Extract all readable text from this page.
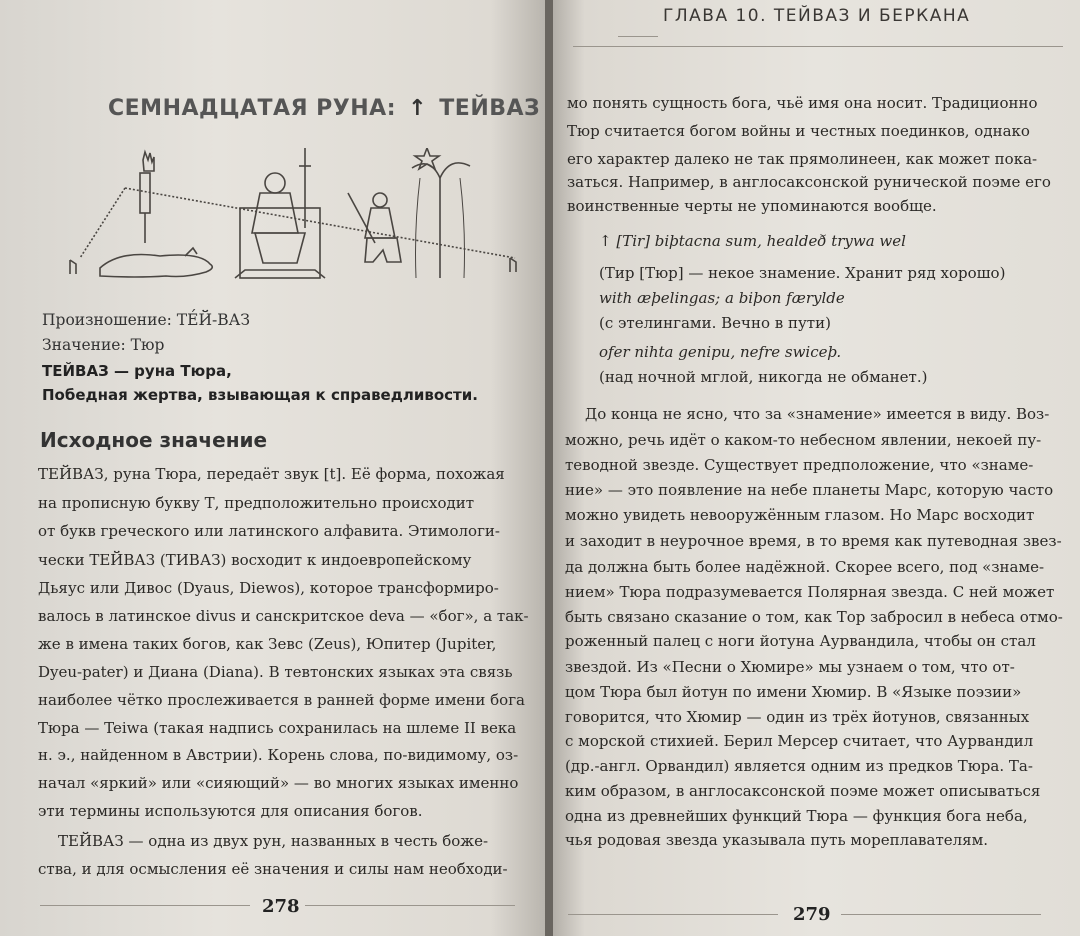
СЕМНАДЦАТАЯ РУНА: ↑ ТЕЙВАЗ
Произношение: ТЕ́Й-ВАЗ
Значение: Тюр
ТЕЙВАЗ — руна Тюра,
Победная жертва, взывающая к справедливости.
Исходное значение
ТЕЙВАЗ, руна Тюра, передаёт звук [t]. Её форма, похожая
на прописную букву Т, предположительно происходит
от букв греческого или латинского алфавита. Этимологи-
чески ТЕЙВАЗ (ТИВАЗ) восходит к индоевропейскому
Дьяус или Дивос (Dyaus, Diewos), которое трансформиро-
валось в латинское divus и санскритское deva — «бог», а так-
же в имена таких богов, как Зевс (Zeus), Юпитер (Jupiter,
Dyeu-pater) и Диана (Diana). В тевтонских языках эта связь
наиболее чётко прослеживается в ранней форме имени бога
Тюра — Teiwa (такая надпись сохранилась на шлеме II века
н. э., найденном в Австрии). Корень слова, по-видимому, оз-
начал «яркий» или «сияющий» — во многих языках именно
эти термины используются для описания богов.
ТЕЙВАЗ — одна из двух рун, названных в честь боже-
ства, и для осмысления её значения и силы нам необходи-
278
ГЛАВА 10. ТЕЙВАЗ И БЕРКАНА
мо понять сущность бога, чьё имя она носит. Традиционно
Тюр считается богом войны и честных поединков, однако
его характер далеко не так прямолинеен, как может пока-
заться. Например, в англосаксонской рунической поэме его
воинственные черты не упоминаются вообще.
↑ [Tir] biþtacna sum, healdeð trywa wel
(Тир [Тюр] — некое знамение. Хранит ряд хорошо)
with æþelingas; a biþon færylde
(с этелингами. Вечно в пути)
ofer nihta genipu, nefre swiceþ.
(над ночной мглой, никогда не обманет.)
До конца не ясно, что за «знамение» имеется в виду. Воз-
можно, речь идёт о каком-то небесном явлении, некоей пу-
теводной звезде. Существует предположение, что «знаме-
ние» — это появление на небе планеты Марс, которую часто
можно увидеть невооружённым глазом. Но Марс восходит
и заходит в неурочное время, в то время как путеводная звез-
да должна быть более надёжной. Скорее всего, под «знаме-
нием» Тюра подразумевается Полярная звезда. С ней может
быть связано сказание о том, как Тор забросил в небеса отмо-
роженный палец с ноги йотуна Аурвандила, чтобы он стал
звездой. Из «Песни о Хюмире» мы узнаем о том, что от-
цом Тюра был йотун по имени Хюмир. В «Языке поэзии»
говорится, что Хюмир — один из трёх йотунов, связанных
с морской стихией. Берил Мерсер считает, что Аурвандил
(др.-англ. Орвандил) является одним из предков Тюра. Та-
ким образом, в англосаксонской поэме может описываться
одна из древнейших функций Тюра — функция бога неба,
чья родовая звезда указывала путь мореплавателям.
279
